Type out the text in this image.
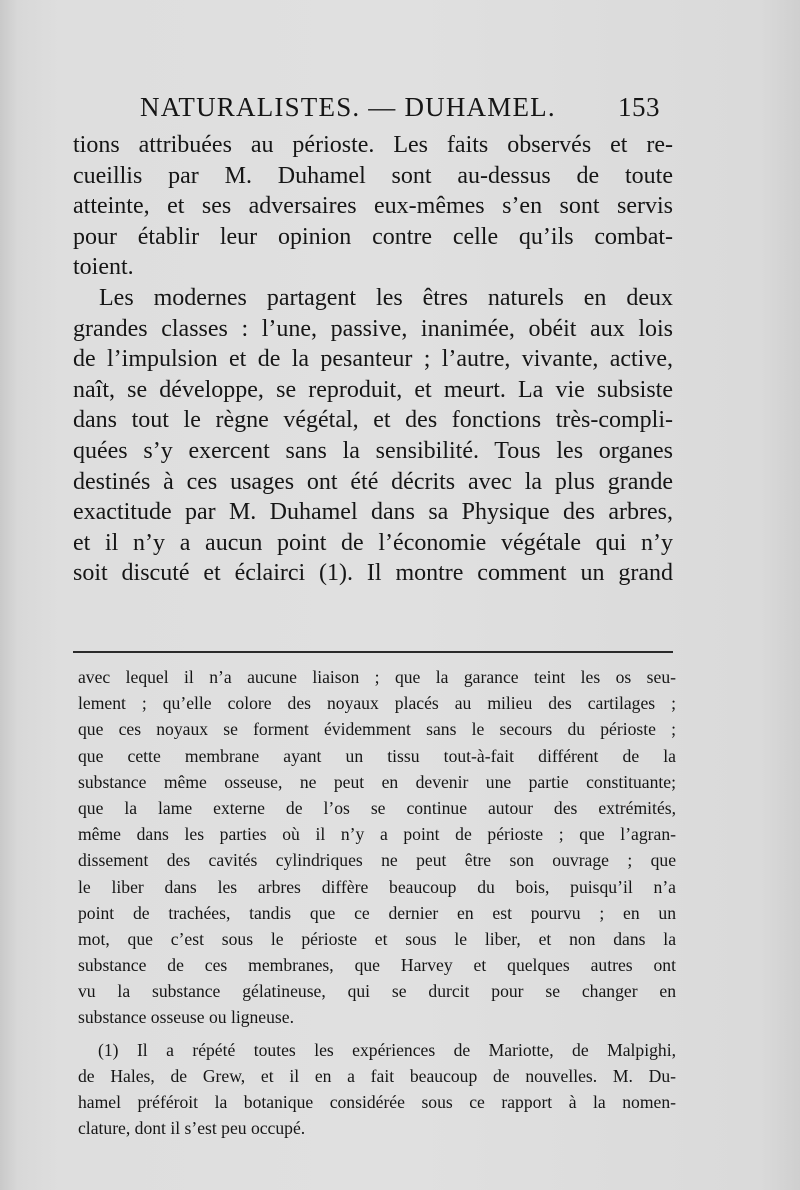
NATURALISTES. — DUHAMEL. 153
tions attribuées au périoste. Les faits observés et re-
cueillis par M. Duhamel sont au-dessus de toute
atteinte, et ses adversaires eux-mêmes s’en sont servis
pour établir leur opinion contre celle qu’ils combat-
toient.
Les modernes partagent les êtres naturels en deux
grandes classes : l’une, passive, inanimée, obéit aux lois
de l’impulsion et de la pesanteur ; l’autre, vivante, active,
naît, se développe, se reproduit, et meurt. La vie subsiste
dans tout le règne végétal, et des fonctions très-compli-
quées s’y exercent sans la sensibilité. Tous les organes
destinés à ces usages ont été décrits avec la plus grande
exactitude par M. Duhamel dans sa Physique des arbres,
et il n’y a aucun point de l’économie végétale qui n’y
soit discuté et éclairci (1). Il montre comment un grand
avec lequel il n’a aucune liaison ; que la garance teint les os seu-
lement ; qu’elle colore des noyaux placés au milieu des cartilages ;
que ces noyaux se forment évidemment sans le secours du périoste ;
que cette membrane ayant un tissu tout-à-fait différent de la
substance même osseuse, ne peut en devenir une partie constituante;
que la lame externe de l’os se continue autour des extrémités,
même dans les parties où il n’y a point de périoste ; que l’agran-
dissement des cavités cylindriques ne peut être son ouvrage ; que
le liber dans les arbres diffère beaucoup du bois, puisqu’il n’a
point de trachées, tandis que ce dernier en est pourvu ; en un
mot, que c’est sous le périoste et sous le liber, et non dans la
substance de ces membranes, que Harvey et quelques autres ont
vu la substance gélatineuse, qui se durcit pour se changer en
substance osseuse ou ligneuse.
(1) Il a répété toutes les expériences de Mariotte, de Malpighi,
de Hales, de Grew, et il en a fait beaucoup de nouvelles. M. Du-
hamel préféroit la botanique considérée sous ce rapport à la nomen-
clature, dont il s’est peu occupé.
